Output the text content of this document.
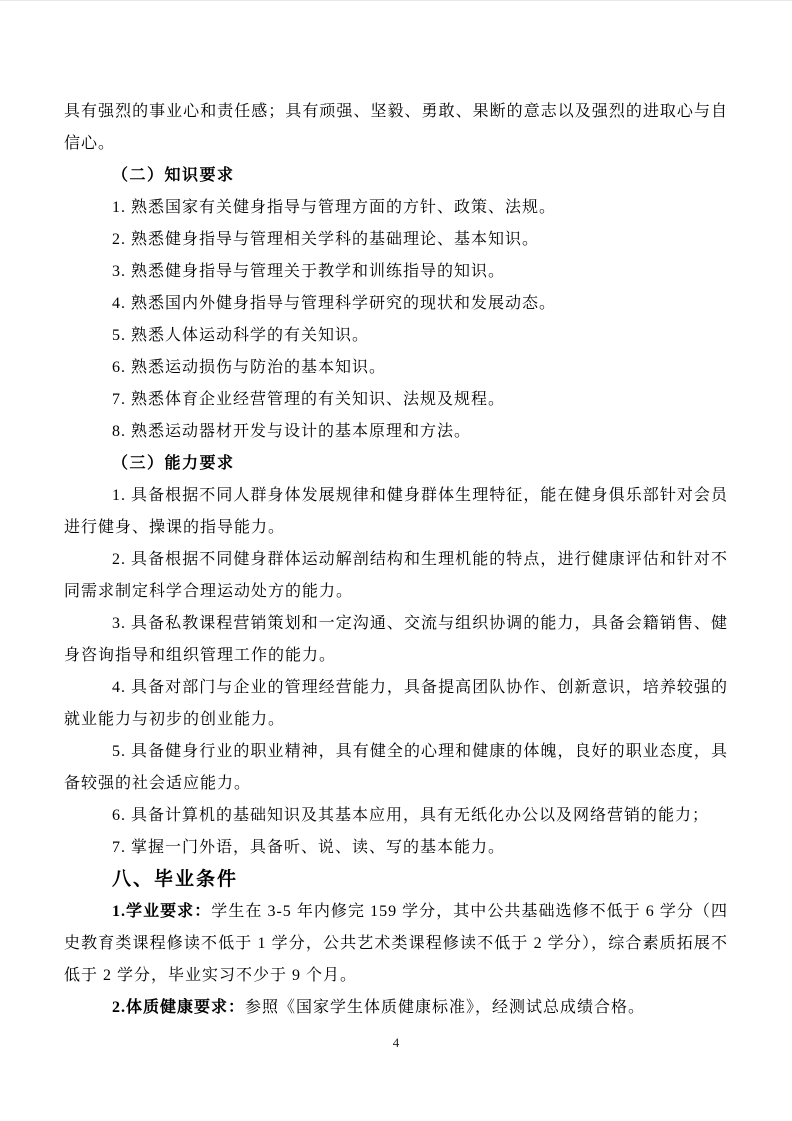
具有强烈的事业心和责任感；具有顽强、坚毅、勇敢、果断的意志以及强烈的进取心与自信心。

（二）知识要求

1. 熟悉国家有关健身指导与管理方面的方针、政策、法规。

2. 熟悉健身指导与管理相关学科的基础理论、基本知识。

3. 熟悉健身指导与管理关于教学和训练指导的知识。

4. 熟悉国内外健身指导与管理科学研究的现状和发展动态。

5. 熟悉人体运动科学的有关知识。

6. 熟悉运动损伤与防治的基本知识。

7. 熟悉体育企业经营管理的有关知识、法规及规程。

8. 熟悉运动器材开发与设计的基本原理和方法。

（三）能力要求

1. 具备根据不同人群身体发展规律和健身群体生理特征，能在健身俱乐部针对会员进行健身、操课的指导能力。

2. 具备根据不同健身群体运动解剖结构和生理机能的特点，进行健康评估和针对不同需求制定科学合理运动处方的能力。

3. 具备私教课程营销策划和一定沟通、交流与组织协调的能力，具备会籍销售、健身咨询指导和组织管理工作的能力。

4. 具备对部门与企业的管理经营能力，具备提高团队协作、创新意识，培养较强的就业能力与初步的创业能力。

5. 具备健身行业的职业精神，具有健全的心理和健康的体魄，良好的职业态度，具备较强的社会适应能力。

6. 具备计算机的基础知识及其基本应用，具有无纸化办公以及网络营销的能力；

7. 掌握一门外语，具备听、说、读、写的基本能力。

八、毕业条件

1.学业要求：学生在 3-5 年内修完 159 学分，其中公共基础选修不低于 6 学分（四史教育类课程修读不低于 1 学分，公共艺术类课程修读不低于 2 学分），综合素质拓展不低于 2 学分，毕业实习不少于 9 个月。

2.体质健康要求：参照《国家学生体质健康标准》，经测试总成绩合格。

4
